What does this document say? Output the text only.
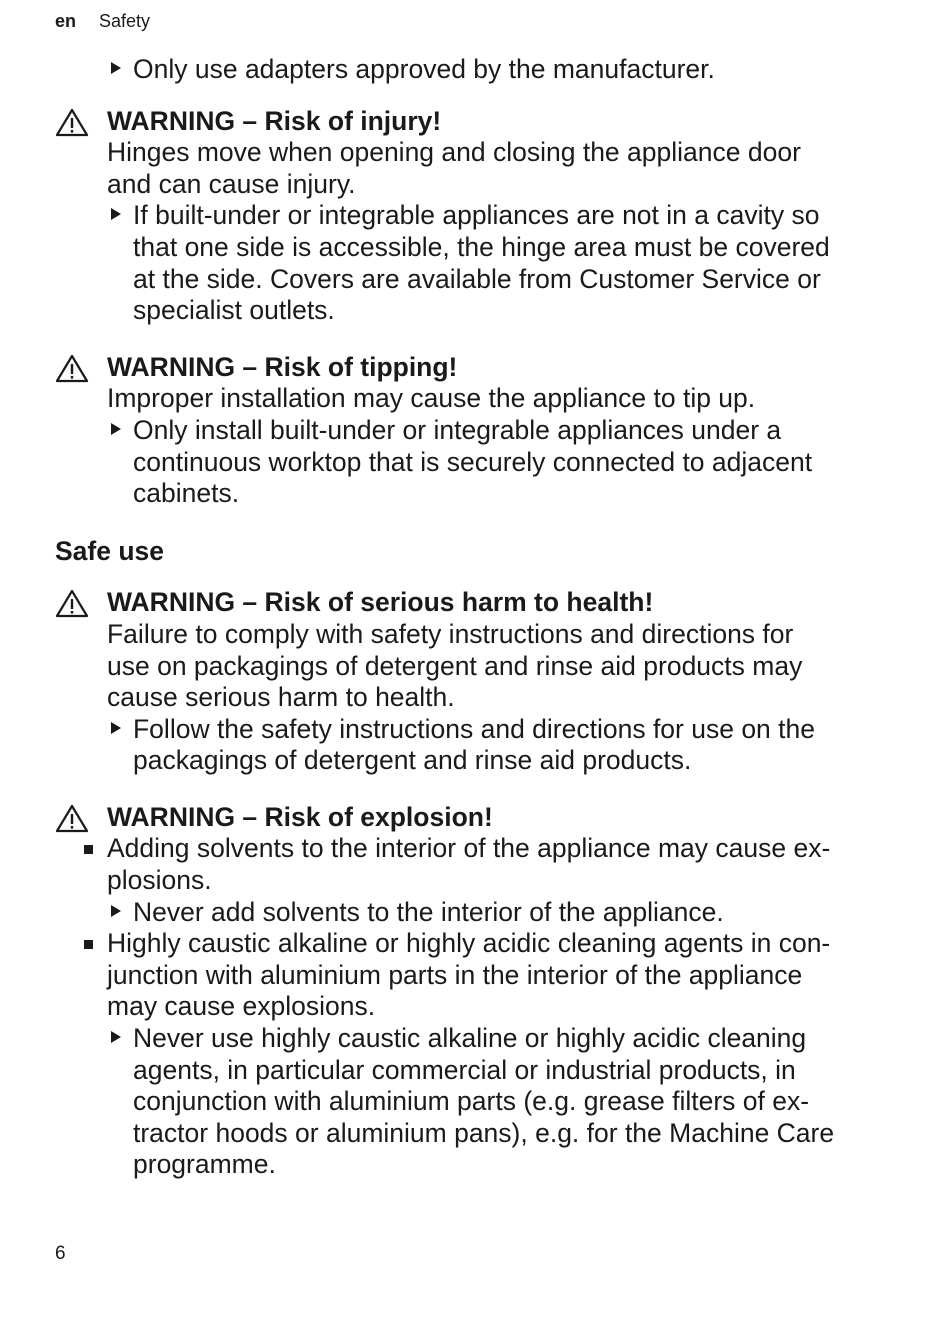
en Safety
Only use adapters approved by the manufacturer.
WARNING – Risk of injury!
Hinges move when opening and closing the appliance door
and can cause injury.
If built-under or integrable appliances are not in a cavity so
that one side is accessible, the hinge area must be covered
at the side. Covers are available from Customer Service or
specialist outlets.
WARNING – Risk of tipping!
Improper installation may cause the appliance to tip up.
Only install built-under or integrable appliances under a
continuous worktop that is securely connected to adjacent
cabinets.
Safe use
WARNING – Risk of serious harm to health!
Failure to comply with safety instructions and directions for
use on packagings of detergent and rinse aid products may
cause serious harm to health.
Follow the safety instructions and directions for use on the
packagings of detergent and rinse aid products.
WARNING – Risk of explosion!
Adding solvents to the interior of the appliance may cause ex-
plosions.
Never add solvents to the interior of the appliance.
Highly caustic alkaline or highly acidic cleaning agents in con-
junction with aluminium parts in the interior of the appliance
may cause explosions.
Never use highly caustic alkaline or highly acidic cleaning
agents, in particular commercial or industrial products, in
conjunction with aluminium parts (e.g. grease filters of ex-
tractor hoods or aluminium pans), e.g. for the Machine Care
programme.
6
